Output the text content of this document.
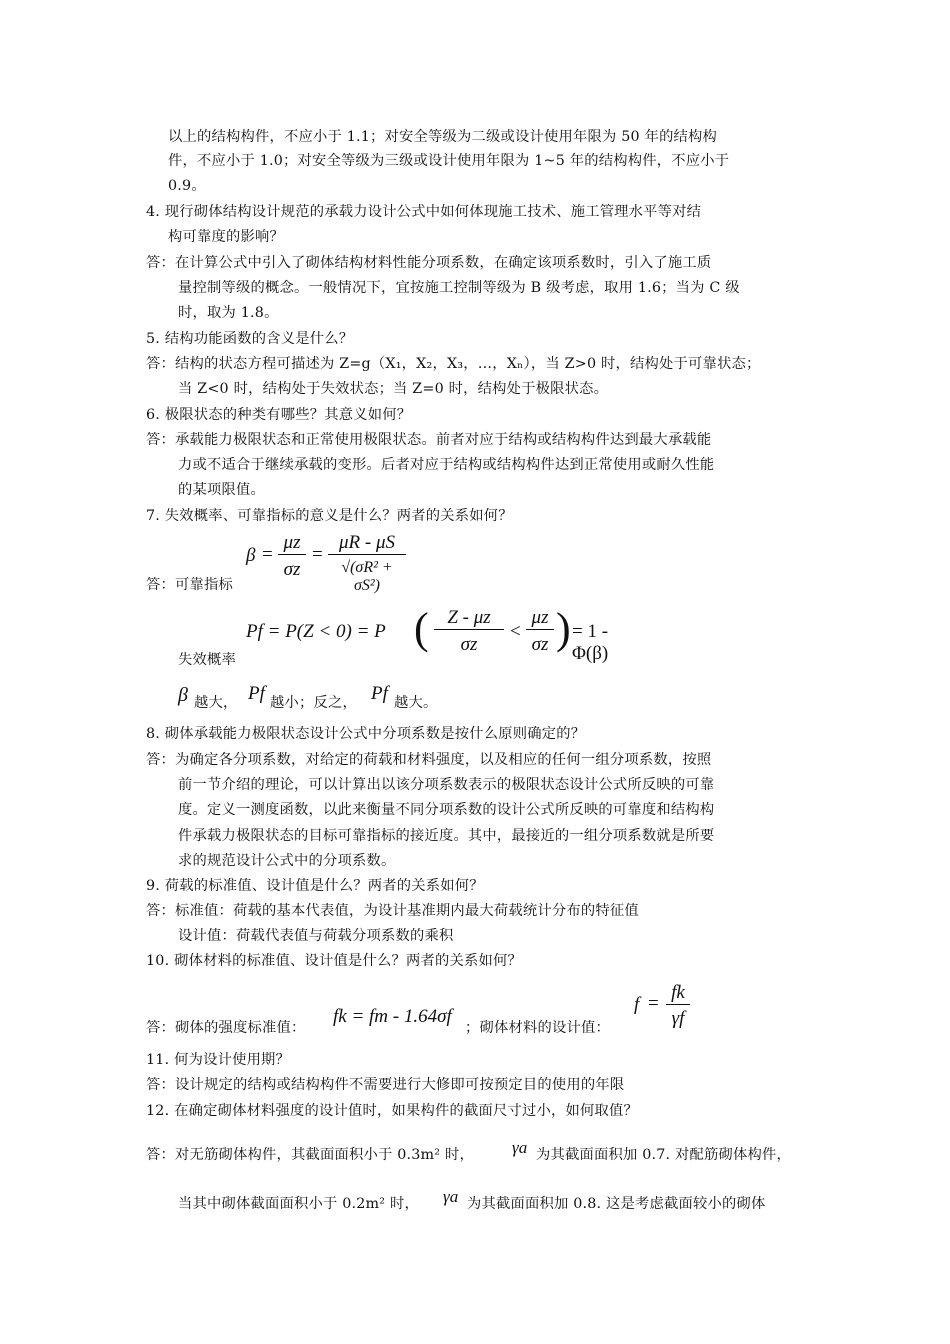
以上的结构构件，不应小于 1.1；对安全等级为二级或设计使用年限为 50 年的结构构
件，不应小于 1.0；对安全等级为三级或设计使用年限为 1~5 年的结构构件，不应小于
0.9。
4. 现行砌体结构设计规范的承载力设计公式中如何体现施工技术、施工管理水平等对结
构可靠度的影响？
答：在计算公式中引入了砌体结构材料性能分项系数，在确定该项系数时，引入了施工质
量控制等级的概念。一般情况下，宜按施工控制等级为 B 级考虑，取用 1.6；当为 C 级
时，取为 1.8。
5. 结构功能函数的含义是什么？
答：结构的状态方程可描述为 Z=g（X₁，X₂，X₃，…，Xₙ），当 Z>0 时，结构处于可靠状态；
当 Z<0 时，结构处于失效状态；当 Z=0 时，结构处于极限状态。
6. 极限状态的种类有哪些？其意义如何？
答：承载能力极限状态和正常使用极限状态。前者对应于结构或结构构件达到最大承载能
力或不适合于继续承载的变形。后者对应于结构或结构构件达到正常使用或耐久性能
的某项限值。
7. 失效概率、可靠指标的意义是什么？两者的关系如何？
答：可靠指标
β =
μz
σz
=
μR - μS
√(σR² + σS²)
失效概率
Pf = P(Z < 0) = P ( Z - μz
σz
<
μz
σz ) = 1 - Φ(β)
β 越大， Pf 越小；反之， Pf 越大。
8. 砌体承载能力极限状态设计公式中分项系数是按什么原则确定的？
答：为确定各分项系数，对给定的荷载和材料强度，以及相应的任何一组分项系数，按照
前一节介绍的理论，可以计算出以该分项系数表示的极限状态设计公式所反映的可靠
度。定义一测度函数，以此来衡量不同分项系数的设计公式所反映的可靠度和结构构
件承载力极限状态的目标可靠指标的接近度。其中，最接近的一组分项系数就是所要
求的规范设计公式中的分项系数。
9. 荷载的标准值、设计值是什么？两者的关系如何？
答：标准值：荷载的基本代表值，为设计基准期内最大荷载统计分布的特征值
设计值：荷载代表值与荷载分项系数的乘积
10. 砌体材料的标准值、设计值是什么？两者的关系如何？
答：砌体的强度标准值：
fk = fm - 1.64σf
；砌体材料的设计值：
f =
fk
γf
11. 何为设计使用期？
答：设计规定的结构或结构构件不需要进行大修即可按预定目的使用的年限
12. 在确定砌体材料强度的设计值时，如果构件的截面尺寸过小，如何取值？
答：对无筋砌体构件，其截面面积小于 0.3m² 时， γa 为其截面面积加 0.7. 对配筋砌体构件，
当其中砌体截面面积小于 0.2m² 时， γa 为其截面面积加 0.8. 这是考虑截面较小的砌体
